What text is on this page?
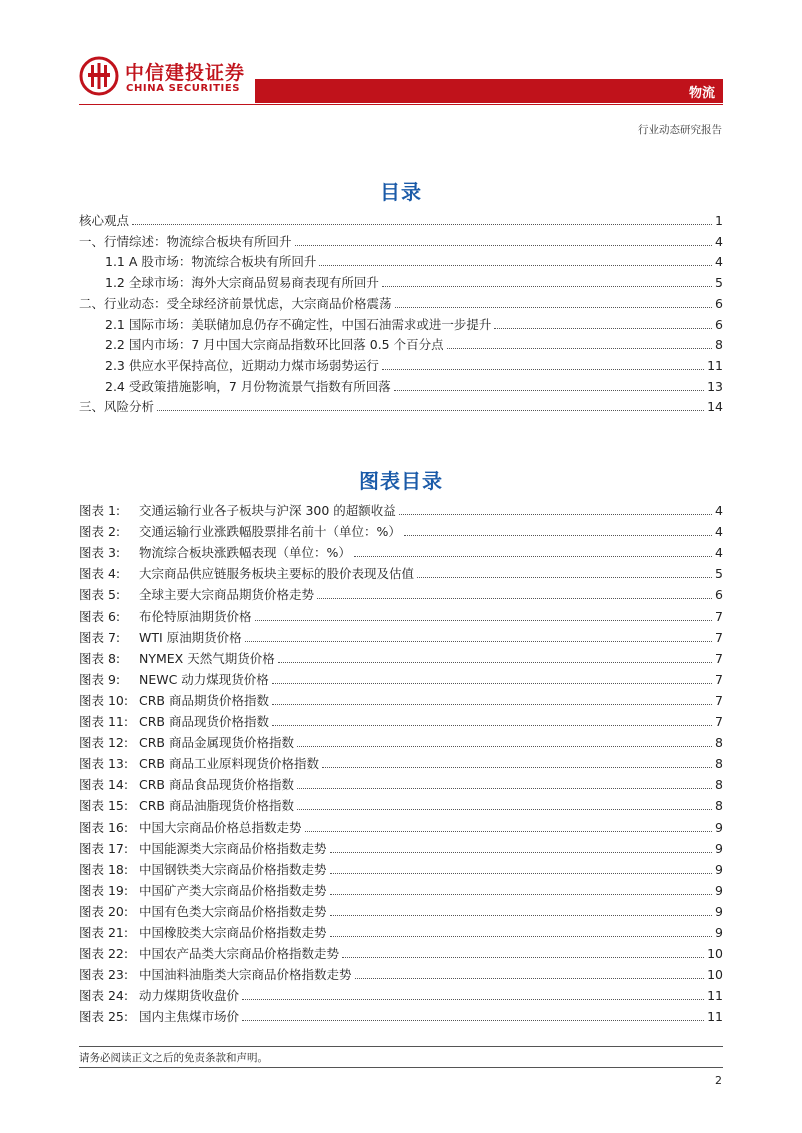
中信建投证券
CHINA SECURITIES	物流
行业动态研究报告
目录
核心观点	1
一、行情综述：物流综合板块有所回升	4
1.1 A 股市场：物流综合板块有所回升	4
1.2 全球市场：海外大宗商品贸易商表现有所回升	5
二、行业动态：受全球经济前景忧虑，大宗商品价格震荡	6
2.1 国际市场：美联储加息仍存不确定性，中国石油需求或进一步提升	6
2.2 国内市场：7 月中国大宗商品指数环比回落 0.5 个百分点	8
2.3 供应水平保持高位，近期动力煤市场弱势运行	11
2.4 受政策措施影响，7 月份物流景气指数有所回落	13
三、风险分析	14
图表目录
图表 1:	交通运输行业各子板块与沪深 300 的超额收益	4
图表 2:	交通运输行业涨跌幅股票排名前十（单位：%）	4
图表 3:	物流综合板块涨跌幅表现（单位：%）	4
图表 4:	大宗商品供应链服务板块主要标的股价表现及估值	5
图表 5:	全球主要大宗商品期货价格走势	6
图表 6:	布伦特原油期货价格	7
图表 7:	WTI 原油期货价格	7
图表 8:	NYMEX 天然气期货价格	7
图表 9:	NEWC 动力煤现货价格	7
图表 10: CRB 商品期货价格指数	7
图表 11: CRB 商品现货价格指数	7
图表 12: CRB 商品金属现货价格指数	8
图表 13: CRB 商品工业原料现货价格指数	8
图表 14: CRB 商品食品现货价格指数	8
图表 15: CRB 商品油脂现货价格指数	8
图表 16: 中国大宗商品价格总指数走势	9
图表 17: 中国能源类大宗商品价格指数走势	9
图表 18: 中国钢铁类大宗商品价格指数走势	9
图表 19: 中国矿产类大宗商品价格指数走势	9
图表 20: 中国有色类大宗商品价格指数走势	9
图表 21: 中国橡胶类大宗商品价格指数走势	9
图表 22: 中国农产品类大宗商品价格指数走势	10
图表 23: 中国油料油脂类大宗商品价格指数走势	10
图表 24: 动力煤期货收盘价	11
图表 25: 国内主焦煤市场价	11
请务必阅读正文之后的免责条款和声明。
2
